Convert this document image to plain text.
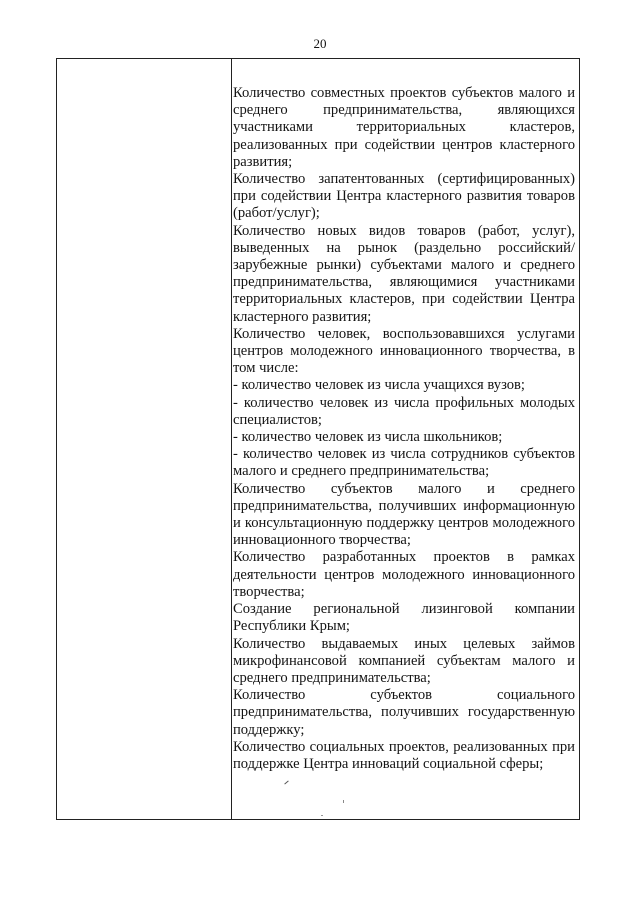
20

Количество совместных проектов субъектов малого и среднего предпринимательства, являющихся участниками территориальных кластеров, реализованных при содействии центров кластерного развития;

Количество запатентованных (сертифицированных) при содействии Центра кластерного развития товаров (работ/услуг);

Количество новых видов товаров (работ, услуг), выведенных на рынок (раздельно российский/зарубежные рынки) субъектами малого и среднего предпринимательства, являющимися участниками территориальных кластеров, при содействии Центра кластерного развития;

Количество человек, воспользовавшихся услугами центров молодежного инновационного творчества, в том числе:

- количество человек из числа учащихся вузов;

- количество человек из числа профильных молодых специалистов;

- количество человек из числа школьников;

- количество человек из числа сотрудников субъектов малого и среднего предпринимательства;

Количество субъектов малого и среднего предпринимательства, получивших информационную и консультационную поддержку центров молодежного инновационного творчества;

Количество разработанных проектов в рамках деятельности центров молодежного инновационного творчества;

Создание региональной лизинговой компании Республики Крым;

Количество выдаваемых иных целевых займов микрофинансовой компанией субъектам малого и среднего предпринимательства;

Количество субъектов социального предпринимательства, получивших государственную поддержку;

Количество социальных проектов, реализованных при поддержке Центра инноваций социальной сферы;
